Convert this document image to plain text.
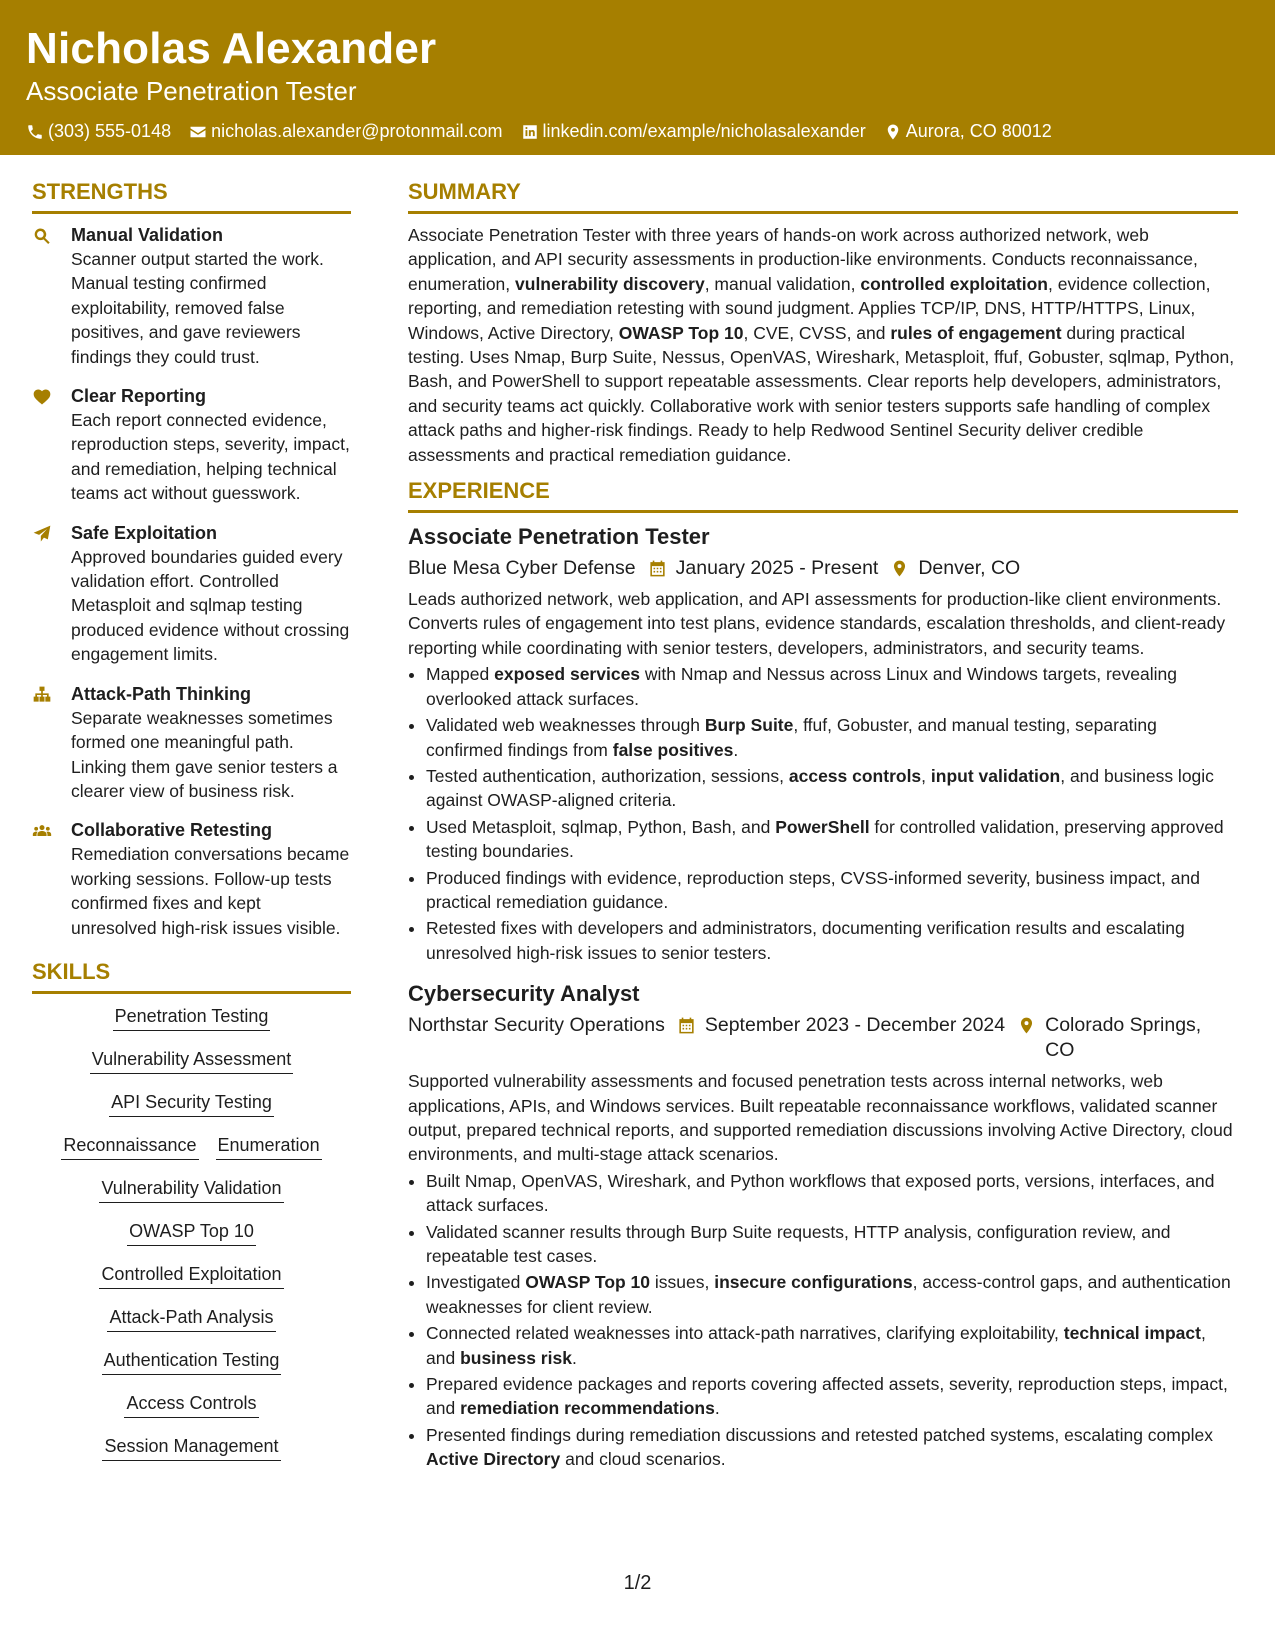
Nicholas Alexander
Associate Penetration Tester
(303) 555-0148 nicholas.alexander@protonmail.com linkedin.com/example/nicholasalexander Aurora, CO 80012
STRENGTHS
Manual Validation
Scanner output started the work. Manual testing confirmed exploitability, removed false positives, and gave reviewers findings they could trust.
Clear Reporting
Each report connected evidence, reproduction steps, severity, impact, and remediation, helping technical teams act without guesswork.
Safe Exploitation
Approved boundaries guided every validation effort. Controlled Metasploit and sqlmap testing produced evidence without crossing engagement limits.
Attack-Path Thinking
Separate weaknesses sometimes formed one meaningful path. Linking them gave senior testers a clearer view of business risk.
Collaborative Retesting
Remediation conversations became working sessions. Follow-up tests confirmed fixes and kept unresolved high-risk issues visible.
SKILLS
Penetration Testing
Vulnerability Assessment
API Security Testing
Reconnaissance Enumeration
Vulnerability Validation
OWASP Top 10
Controlled Exploitation
Attack-Path Analysis
Authentication Testing
Access Controls
Session Management
SUMMARY
Associate Penetration Tester with three years of hands-on work across authorized network, web application, and API security assessments in production-like environments. Conducts reconnaissance, enumeration, vulnerability discovery, manual validation, controlled exploitation, evidence collection, reporting, and remediation retesting with sound judgment. Applies TCP/IP, DNS, HTTP/HTTPS, Linux, Windows, Active Directory, OWASP Top 10, CVE, CVSS, and rules of engagement during practical testing. Uses Nmap, Burp Suite, Nessus, OpenVAS, Wireshark, Metasploit, ffuf, Gobuster, sqlmap, Python, Bash, and PowerShell to support repeatable assessments. Clear reports help developers, administrators, and security teams act quickly. Collaborative work with senior testers supports safe handling of complex attack paths and higher-risk findings. Ready to help Redwood Sentinel Security deliver credible assessments and practical remediation guidance.
EXPERIENCE
Associate Penetration Tester
Blue Mesa Cyber Defense January 2025 - Present Denver, CO
Leads authorized network, web application, and API assessments for production-like client environments. Converts rules of engagement into test plans, evidence standards, escalation thresholds, and client-ready reporting while coordinating with senior testers, developers, administrators, and security teams.
• Mapped exposed services with Nmap and Nessus across Linux and Windows targets, revealing overlooked attack surfaces.
• Validated web weaknesses through Burp Suite, ffuf, Gobuster, and manual testing, separating confirmed findings from false positives.
• Tested authentication, authorization, sessions, access controls, input validation, and business logic against OWASP-aligned criteria.
• Used Metasploit, sqlmap, Python, Bash, and PowerShell for controlled validation, preserving approved testing boundaries.
• Produced findings with evidence, reproduction steps, CVSS-informed severity, business impact, and practical remediation guidance.
• Retested fixes with developers and administrators, documenting verification results and escalating unresolved high-risk issues to senior testers.
Cybersecurity Analyst
Northstar Security Operations September 2023 - December 2024 Colorado Springs, CO
Supported vulnerability assessments and focused penetration tests across internal networks, web applications, APIs, and Windows services. Built repeatable reconnaissance workflows, validated scanner output, prepared technical reports, and supported remediation discussions involving Active Directory, cloud environments, and multi-stage attack scenarios.
• Built Nmap, OpenVAS, Wireshark, and Python workflows that exposed ports, versions, interfaces, and attack surfaces.
• Validated scanner results through Burp Suite requests, HTTP analysis, configuration review, and repeatable test cases.
• Investigated OWASP Top 10 issues, insecure configurations, access-control gaps, and authentication weaknesses for client review.
• Connected related weaknesses into attack-path narratives, clarifying exploitability, technical impact, and business risk.
• Prepared evidence packages and reports covering affected assets, severity, reproduction steps, impact, and remediation recommendations.
• Presented findings during remediation discussions and retested patched systems, escalating complex Active Directory and cloud scenarios.
1/2
